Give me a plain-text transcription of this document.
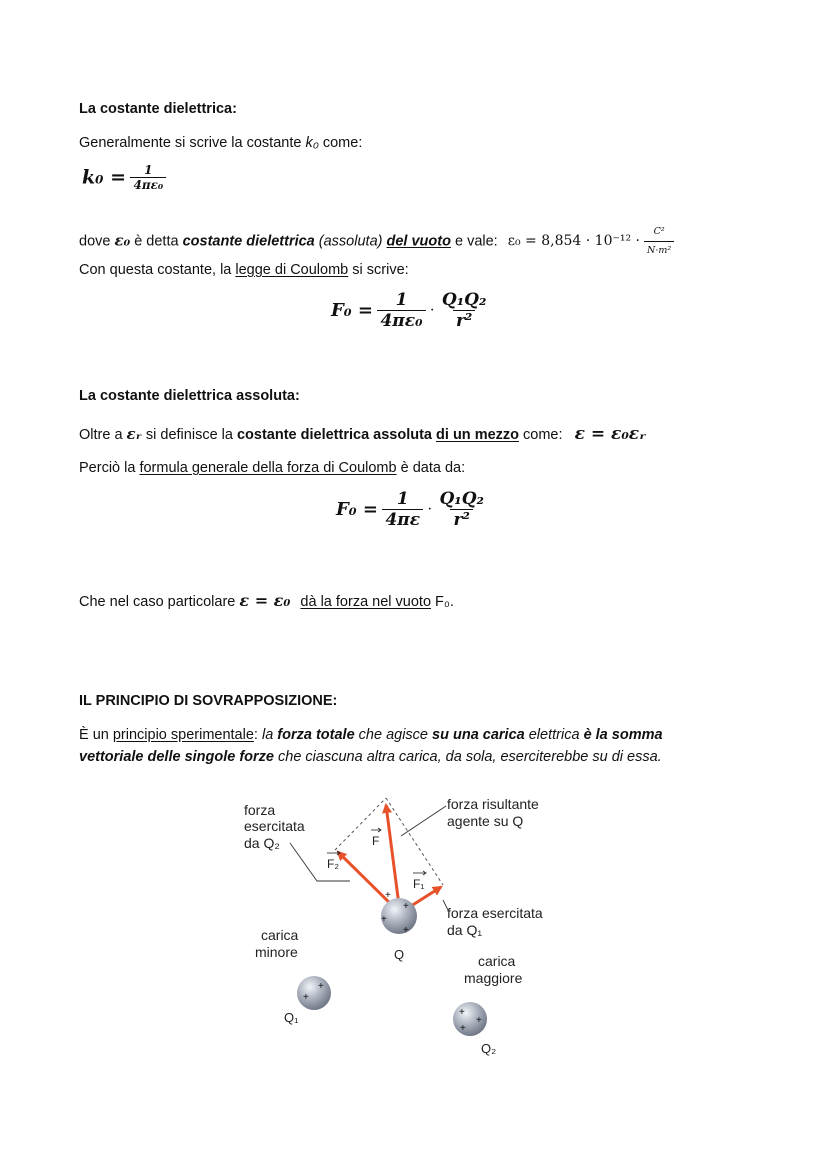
La costante dielettrica:
Generalmente si scrive la costante k₀ come:
$k_0 = \frac{1}{\text{4πε₀}}$
dove ε₀ è detta costante dielettrica (assoluta) del vuoto e vale: $\varepsilon_0 = 8,854 \cdot 10^{-12} \cdot \frac{\text{C²}}{\text{N·m²}}$
Con questa costante, la legge di Coulomb si scrive:
$F_0 = \frac{1}{\text{4πε₀}} \cdot \frac{\text{Q₁Q₂}}{\text{r²}}$
La costante dielettrica assoluta:
Oltre a εᵣ si definisce la costante dielettrica assoluta di un mezzo come: ε = ε₀εᵣ
Perciò la formula generale della forza di Coulomb è data da:
$F_0 = \frac{1}{4\pi\varepsilon} \cdot \frac{\text{Q₁Q₂}}{\text{r²}}$
Che nel caso particolare ε = ε₀ dà la forza nel vuoto F₀.
IL PRINCIPIO DI SOVRAPPOSIZIONE:
È un principio sperimentale: la forza totale che agisce su una carica elettrica è la somma
vettoriale delle singole forze che ciascuna altra carica, da sola, eserciterebbe su di essa.
+
+
+
+
+
+
+
+
+
forza
esercitata
da Q₂
forza risultante
agente su Q
forza esercitata
da Q₁
carica
minore
carica
maggiore
Q
Q₁
Q₂
F
F₂
F₁
